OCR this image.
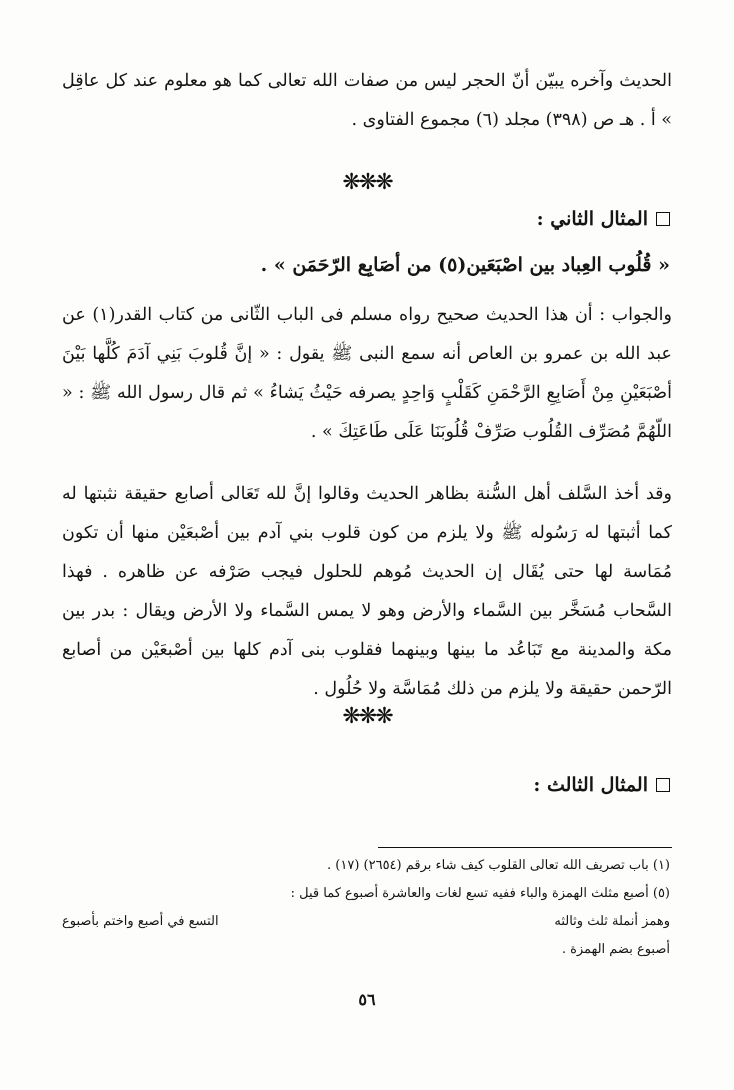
الحديث وآخره يبيّن أنّ الحجر ليس من صفات الله تعالى كما هو معلوم عند كل عاقِل » أ . هـ ص (٣٩٨) مجلد (٦) مجموع الفتاوى .

❋❋❋
المثال الثاني :
« قُلُوب العِباد بين اصْبَعَين(٥) من أصَابِع الرّحَمَن » .

والجواب : أن هذا الحديث صحيح رواه مسلم فى الباب الثّانى من كتاب القدر(١) عن عبد الله بن عمرو بن العاص أنه سمع النبى ﷺ يقول : « إنَّ قُلوبَ بَنِي آدَمَ كُلَّها بَيْنَ أصْبَعَيْنِ مِنْ أَصَابِعِ الرَّحْمَنِ كَقَلْبٍ وَاحِدٍ يصرفه حَيْثُ يَشاءُ » ثم قال رسول الله ﷺ : « اللّهُمَّ مُصَرِّف القُلُوب صَرِّفْ قُلُوبَنَا عَلَى طَاعَتِكَ » .

وقد أخذ السَّلف أهل السُّنة بظاهر الحديث وقالوا إنَّ لله تَعَالى أصابع حقيقة نثبتها له كما أثبتها له رَسُوله ﷺ ولا يلزم من كون قلوب بني آدم بين أصْبعَيْن منها أن تكون مُمَاسة لها حتى يُقَال إن الحديث مُوهم للحلول فيجب صَرْفه عن ظاهره . فهذا السَّحاب مُسَخَّر بين السَّماء والأرض وهو لا يمس السَّماء ولا الأرض ويقال : بدر بين مكة والمدينة مع تَبَاعُد ما بينها وبينهما فقلوب بنى آدم كلها بين أصْبعَيْن من أصابع الرّحمن حقيقة ولا يلزم من ذلك مُمَاسَّة ولا حُلُول .

❋❋❋
المثال الثالث :

(١) باب تصريف الله تعالى القلوب كيف شاء برقم (٢٦٥٤) (١٧) .

(٥) أصبع مثلث الهمزة والباء ففيه تسع لغات والعاشرة أصبوع كما قيل :

وهمز أنملة ثلث وثالثه
التسع في أصبع واختم بأصبوع

أصبوع بضم الهمزة .

٥٦
